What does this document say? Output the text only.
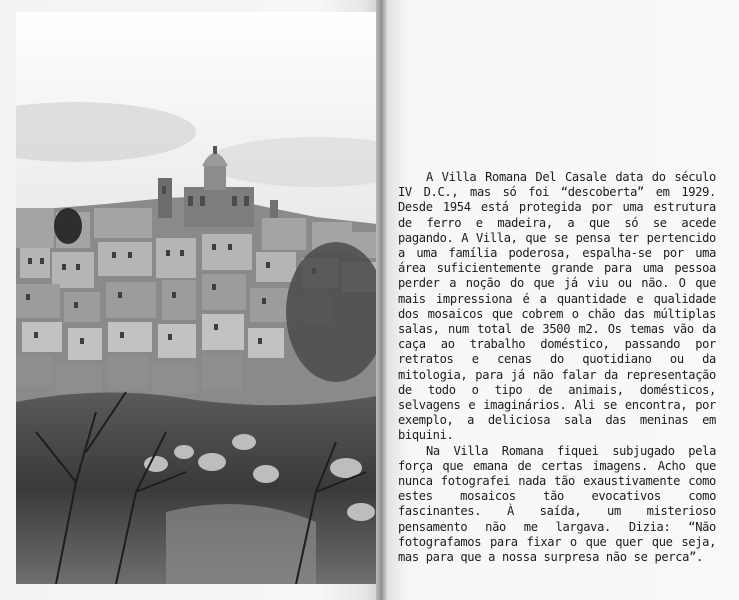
A Villa Romana Del Casale data do século IV D.C., mas só foi “descoberta” em 1929. Desde 1954 está protegida por uma estrutura de ferro e madeira, a que só se acede pagando. A Villa, que se pensa ter pertencido a uma família poderosa, espalha-se por uma área suficientemente grande para uma pessoa perder a noção do que já viu ou não. O que mais impressiona é a quantidade e qualidade dos mosaicos que cobrem o chão das múltiplas salas, num total de 3500 m2. Os temas vão da caça ao trabalho doméstico, passando por retratos e cenas do quotidiano ou da mitologia, para já não falar da representação de todo o tipo de animais, domésticos, selvagens e imaginários. Ali se encontra, por exemplo, a deliciosa sala das meninas em biquini.

Na Villa Romana fiquei subjugado pela força que emana de certas imagens. Acho que nunca fotografei nada tão exaustivamente como estes mosaicos tão evocativos como fascinantes. À saída, um misterioso pensamento não me largava. Dizia: “Não fotografamos para fixar o que quer que seja, mas para que a nossa surpresa não se perca”.
